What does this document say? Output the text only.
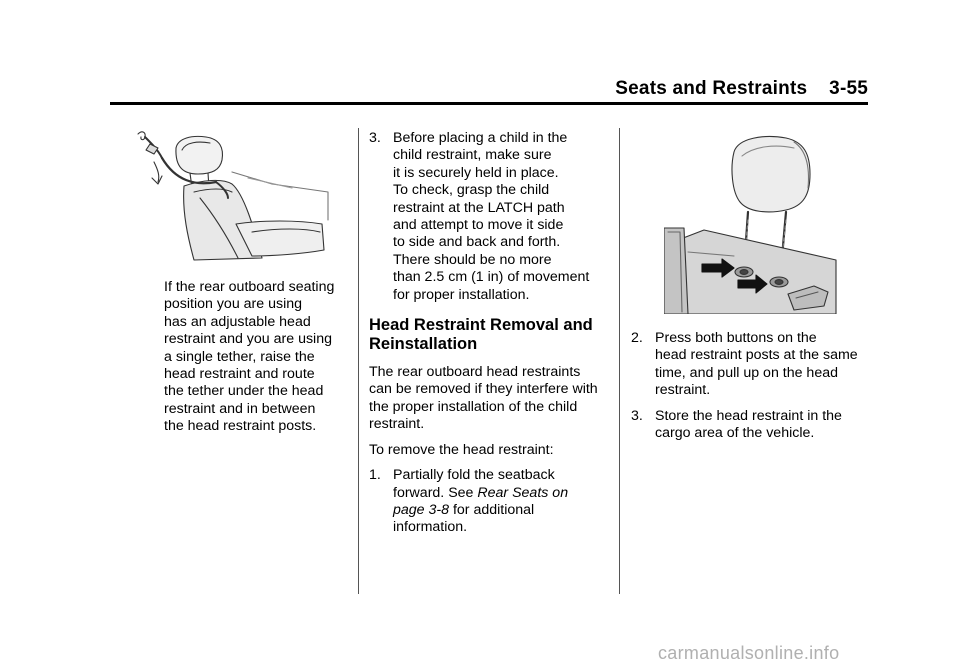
Seats and Restraints 3-55

If the rear outboard seating
position you are using
has an adjustable head
restraint and you are using
a single tether, raise the
head restraint and route
the tether under the head
restraint and in between
the head restraint posts.

3. Before placing a child in the
child restraint, make sure
it is securely held in place.
To check, grasp the child
restraint at the LATCH path
and attempt to move it side
to side and back and forth.
There should be no more
than 2.5 cm (1 in) of movement
for proper installation.
Head Restraint Removal and
Reinstallation

The rear outboard head restraints
can be removed if they interfere with
the proper installation of the child
restraint.

To remove the head restraint:

1. Partially fold the seatback
forward. See Rear Seats on
page 3-8 for additional
information.
2. Press both buttons on the
head restraint posts at the same
time, and pull up on the head
restraint.
3. Store the head restraint in the
cargo area of the vehicle.
carmanualsonline.info
